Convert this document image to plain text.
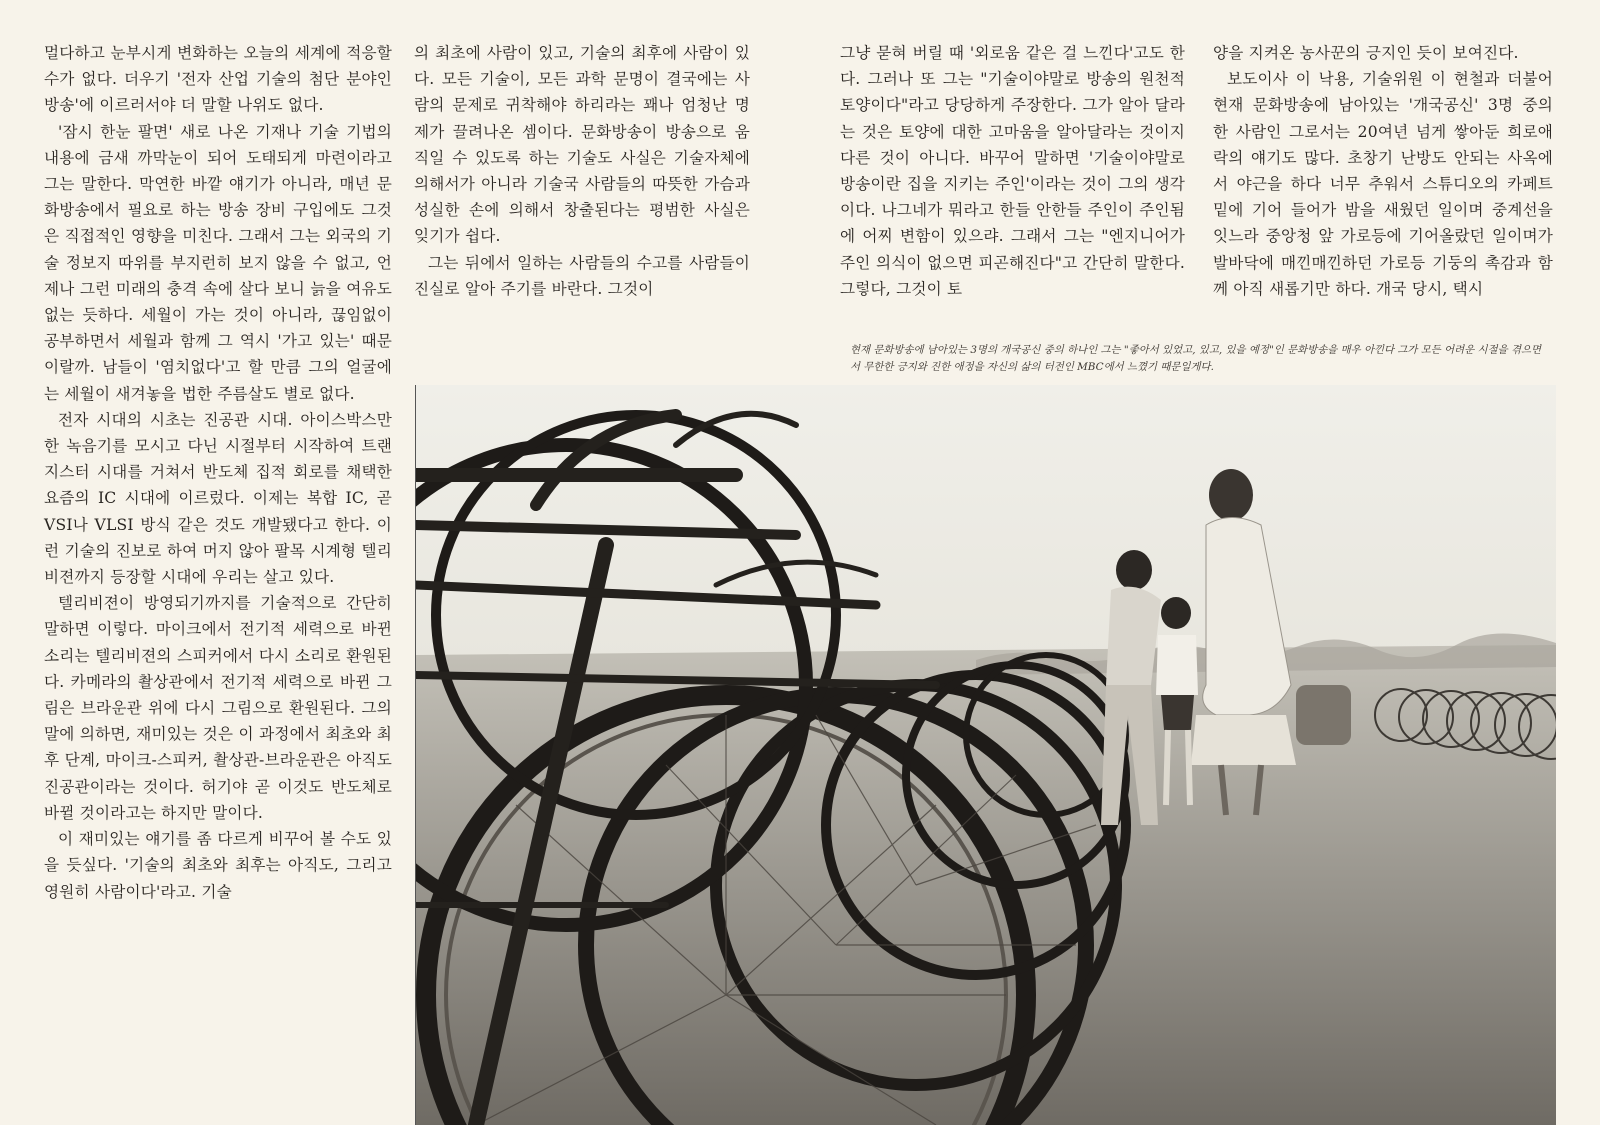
멀다하고 눈부시게 변화하는 오늘의 세계에 적응할 수가 없다. 더우기 '전자 산업 기술의 첨단 분야인 방송'에 이르러서야 더 말할 나위도 없다.

'잠시 한눈 팔면' 새로 나온 기재나 기술 기법의 내용에 금새 까막눈이 되어 도태되게 마련이라고 그는 말한다. 막연한 바깥 얘기가 아니라, 매년 문화방송에서 필요로 하는 방송 장비 구입에도 그것은 직접적인 영향을 미친다. 그래서 그는 외국의 기술 정보지 따위를 부지런히 보지 않을 수 없고, 언제나 그런 미래의 충격 속에 살다 보니 늙을 여유도 없는 듯하다. 세월이 가는 것이 아니라, 끊임없이 공부하면서 세월과 함께 그 역시 '가고 있는' 때문이랄까. 남들이 '염치없다'고 할 만큼 그의 얼굴에는 세월이 새겨놓을 법한 주름살도 별로 없다.

전자 시대의 시초는 진공관 시대. 아이스박스만한 녹음기를 모시고 다닌 시절부터 시작하여 트랜지스터 시대를 거쳐서 반도체 집적 회로를 채택한 요즘의 IC 시대에 이르렀다. 이제는 복합 IC, 곧 VSI나 VLSI 방식 같은 것도 개발됐다고 한다. 이런 기술의 진보로 하여 머지 않아 팔목 시계형 텔리비젼까지 등장할 시대에 우리는 살고 있다.

텔리비젼이 방영되기까지를 기술적으로 간단히 말하면 이렇다. 마이크에서 전기적 세력으로 바뀐소리는 텔리비젼의 스피커에서 다시 소리로 환원된다. 카메라의 촬상관에서 전기적 세력으로 바뀐 그림은 브라운관 위에 다시 그림으로 환원된다. 그의 말에 의하면, 재미있는 것은 이 과정에서 최초와 최후 단계, 마이크-스피커, 촬상관-브라운관은 아직도 진공관이라는 것이다. 허기야 곧 이것도 반도체로 바뀔 것이라고는 하지만 말이다.

이 재미있는 얘기를 좀 다르게 비꾸어 볼 수도 있을 듯싶다. '기술의 최초와 최후는 아직도, 그리고 영원히 사람이다'라고. 기술

의 최초에 사람이 있고, 기술의 최후에 사람이 있다. 모든 기술이, 모든 과학 문명이 결국에는 사람의 문제로 귀착해야 하리라는 꽤나 엄청난 명제가 끌려나온 셈이다. 문화방송이 방송으로 움직일 수 있도록 하는 기술도 사실은 기술자체에 의해서가 아니라 기술국 사람들의 따뜻한 가슴과 성실한 손에 의해서 창출된다는 평범한 사실은 잊기가 쉽다.

그는 뒤에서 일하는 사람들의 수고를 사람들이 진실로 알아 주기를 바란다. 그것이

그냥 묻혀 버릴 때 '외로움 같은 걸 느낀다'고도 한다. 그러나 또 그는 "기술이야말로 방송의 원천적 토양이다"라고 당당하게 주장한다. 그가 알아 달라는 것은 토양에 대한 고마움을 알아달라는 것이지 다른 것이 아니다. 바꾸어 말하면 '기술이야말로 방송이란 집을 지키는 주인'이라는 것이 그의 생각이다. 나그네가 뭐라고 한들 안한들 주인이 주인됨에 어찌 변함이 있으랴. 그래서 그는 "엔지니어가 주인 의식이 없으면 피곤해진다"고 간단히 말한다. 그렇다, 그것이 토

양을 지켜온 농사꾼의 긍지인 듯이 보여진다.

보도이사 이 낙용, 기술위원 이 현철과 더불어 현재 문화방송에 남아있는 '개국공신' 3명 중의 한 사람인 그로서는 20여년 넘게 쌓아둔 희로애락의 얘기도 많다. 초창기 난방도 안되는 사옥에서 야근을 하다 너무 추워서 스튜디오의 카페트 밑에 기어 들어가 밤을 새웠던 일이며 중계선을 잇느라 중앙청 앞 가로등에 기어올랐던 일이며가 발바닥에 매낀매낀하던 가로등 기둥의 촉감과 함께 아직 새롭기만 하다. 개국 당시, 택시

현재 문화방송에 남아있는 3명의 개국공신 중의 하나인 그는 "좋아서 있었고, 있고, 있을 예정"인 문화방송을 매우 아낀다 그가 모든 어려운 시절을 겪으면서 무한한 긍지와 진한 애정을 자신의 삶의 터전인 MBC에서 느꼈기 때문일게다.
